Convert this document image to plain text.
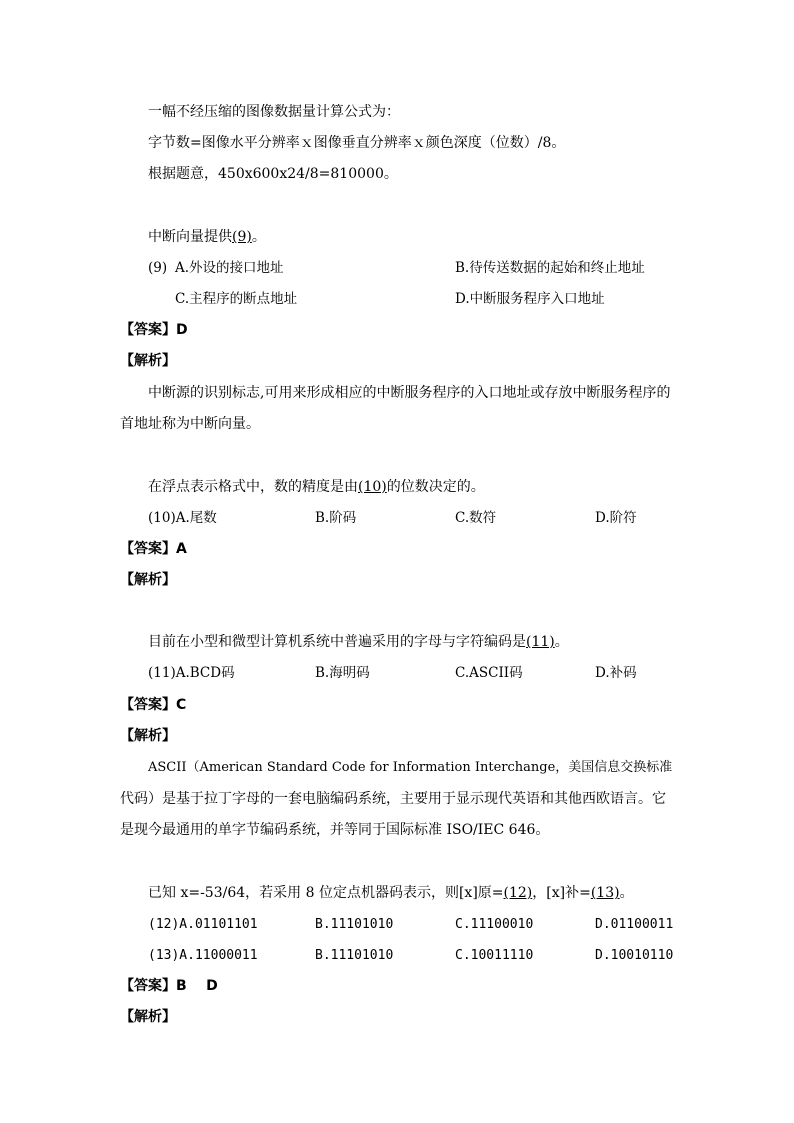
一幅不经压缩的图像数据量计算公式为：
字节数=图像水平分辨率ｘ图像垂直分辨率ｘ颜色深度（位数）/8。
根据题意，450x600x24/8=810000。
中断向量提供(9)。
(9) A.外设的接口地址	B.待传送数据的起始和终止地址
C.主程序的断点地址	D.中断服务程序入口地址
【答案】D
【解析】
中断源的识别标志,可用来形成相应的中断服务程序的入口地址或存放中断服务程序的
首地址称为中断向量。
在浮点表示格式中，数的精度是由(10)的位数决定的。
(10)A.尾数	B.阶码	C.数符	D.阶符
【答案】A
【解析】
目前在小型和微型计算机系统中普遍采用的字母与字符编码是(11)。
(11)A.BCD码	B.海明码	C.ASCII码	D.补码
【答案】C
【解析】
ASCII（American Standard Code for Information Interchange，美国信息交换标准
代码）是基于拉丁字母的一套电脑编码系统，主要用于显示现代英语和其他西欧语言。它
是现今最通用的单字节编码系统，并等同于国际标准 ISO/IEC 646。
已知 x=-53/64，若采用 8 位定点机器码表示，则[x]原=(12)，[x]补=(13)。
(12)A.01101101	B.11101010	C.11100010	D.01100011
(13)A.11000011	B.11101010	C.10011110	D.10010110
【答案】B    D
【解析】
